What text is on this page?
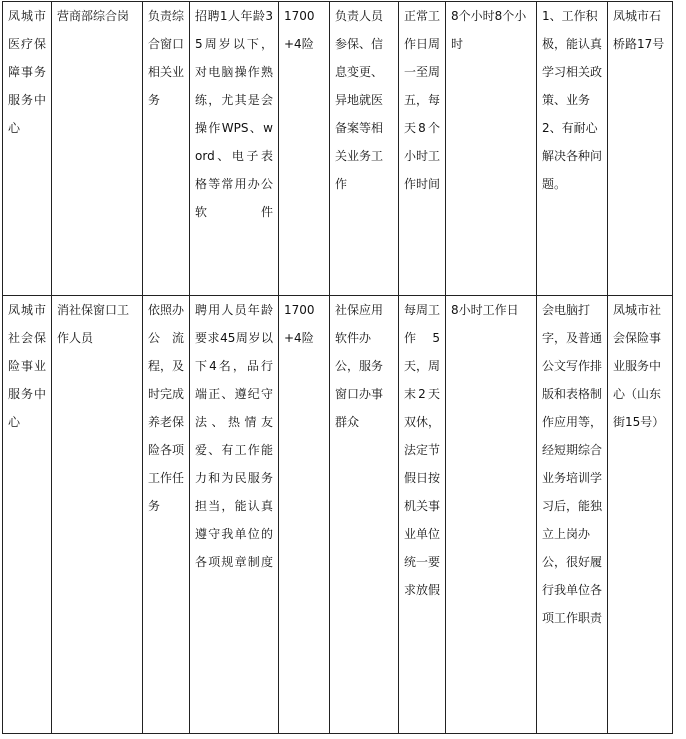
凤城市医疗保障事务服务中心	营商部综合岗	负责综合窗口相关业务	招聘1人年龄35周岁以下，对电脑操作熟练，尤其是会操作WPS、word、电子表格等常用办公软件	1700+4险	负责人员参保、信息变更、异地就医备案等相关业务工作	正常工作日周一至周五，每天8个小时工作时间	8个小时8个小时	1、工作积极，能认真学习相关政策、业务 2、有耐心解决各种问题。	凤城市石桥路17号
凤城市社会保险事业服务中心	消社保窗口工作人员	依照办公流程，及时完成养老保险各项工作任务	聘用人员年龄要求45周岁以下4名，品行端正、遵纪守法、热情友爱、有工作能力和为民服务担当，能认真遵守我单位的各项规章制度	1700+4险	社保应用软件办公，服务窗口办事群众	每周工作5天，周末2天双休，法定节假日按机关事业单位统一要求放假	8小时工作日	会电脑打字，及普通公文写作排版和表格制作应用等，经短期综合业务培训学习后，能独立上岗办公，很好履行我单位各项工作职责	凤城市社会保险事业服务中心（山东街15号）
